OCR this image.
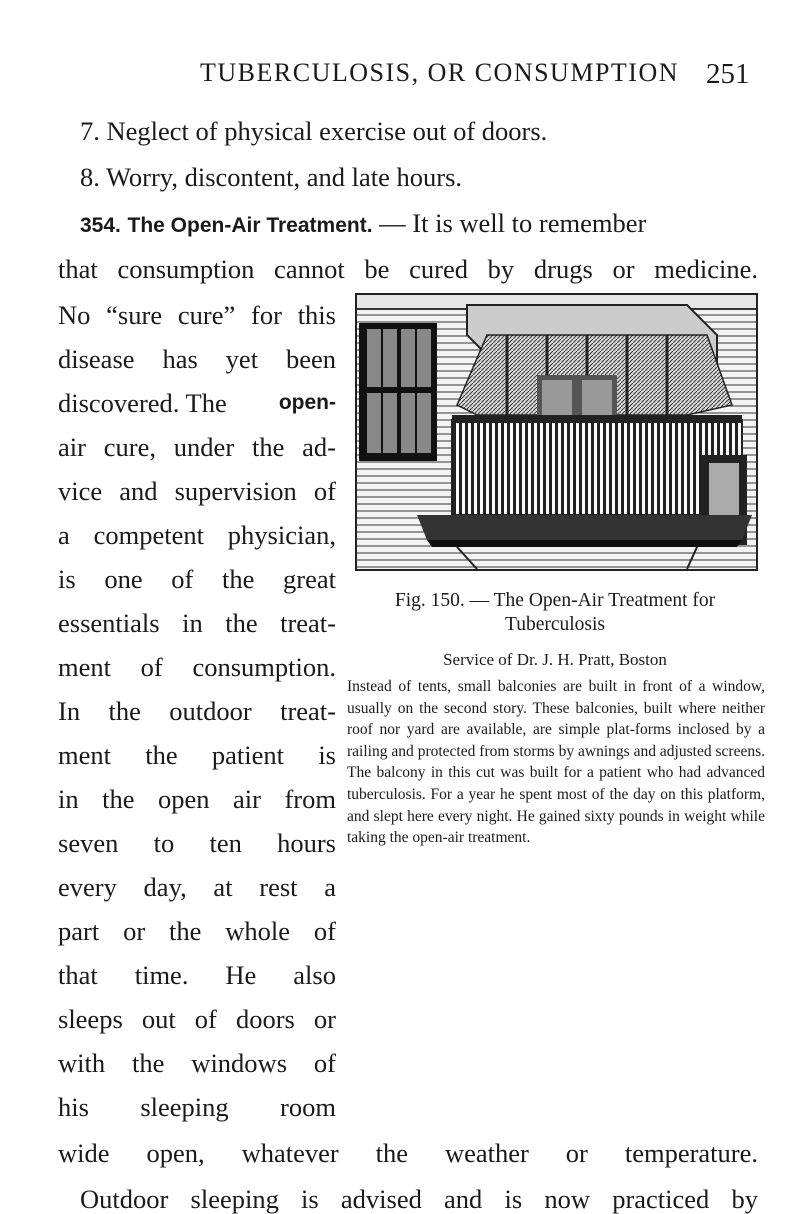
TUBERCULOSIS, OR CONSUMPTION 251
7. Neglect of physical exercise out of doors.
8. Worry, discontent, and late hours.
354. The Open-Air Treatment. — It is well to remember
that consumption cannot be cured by drugs or medicine.
No “sure cure” for this
disease has yet been
discovered. The open-
air cure, under the ad-
vice and supervision of
a competent physician,
is one of the great
essentials in the treat-
ment of consumption.
In the outdoor treat-
ment the patient is
in the open air from
seven to ten hours
every day, at rest a
part or the whole of
that time. He also
sleeps out of doors or
with the windows of
his sleeping room
wide open, whatever the weather or temperature.
Outdoor sleeping is advised and is now practiced by
Fig. 150. — The Open-Air Treatment for
Tuberculosis
Service of Dr. J. H. Pratt, Boston
Instead of tents, small balconies are built in front of a window, usually on the second story. These balconies, built where neither roof nor yard are available, are simple plat-forms inclosed by a railing and protected from storms by awnings and adjusted screens. The balcony in this cut was built for a patient who had advanced tuberculosis. For a year he spent most of the day on this platform, and slept here every night. He gained sixty pounds in weight while taking the open-air treatment.
